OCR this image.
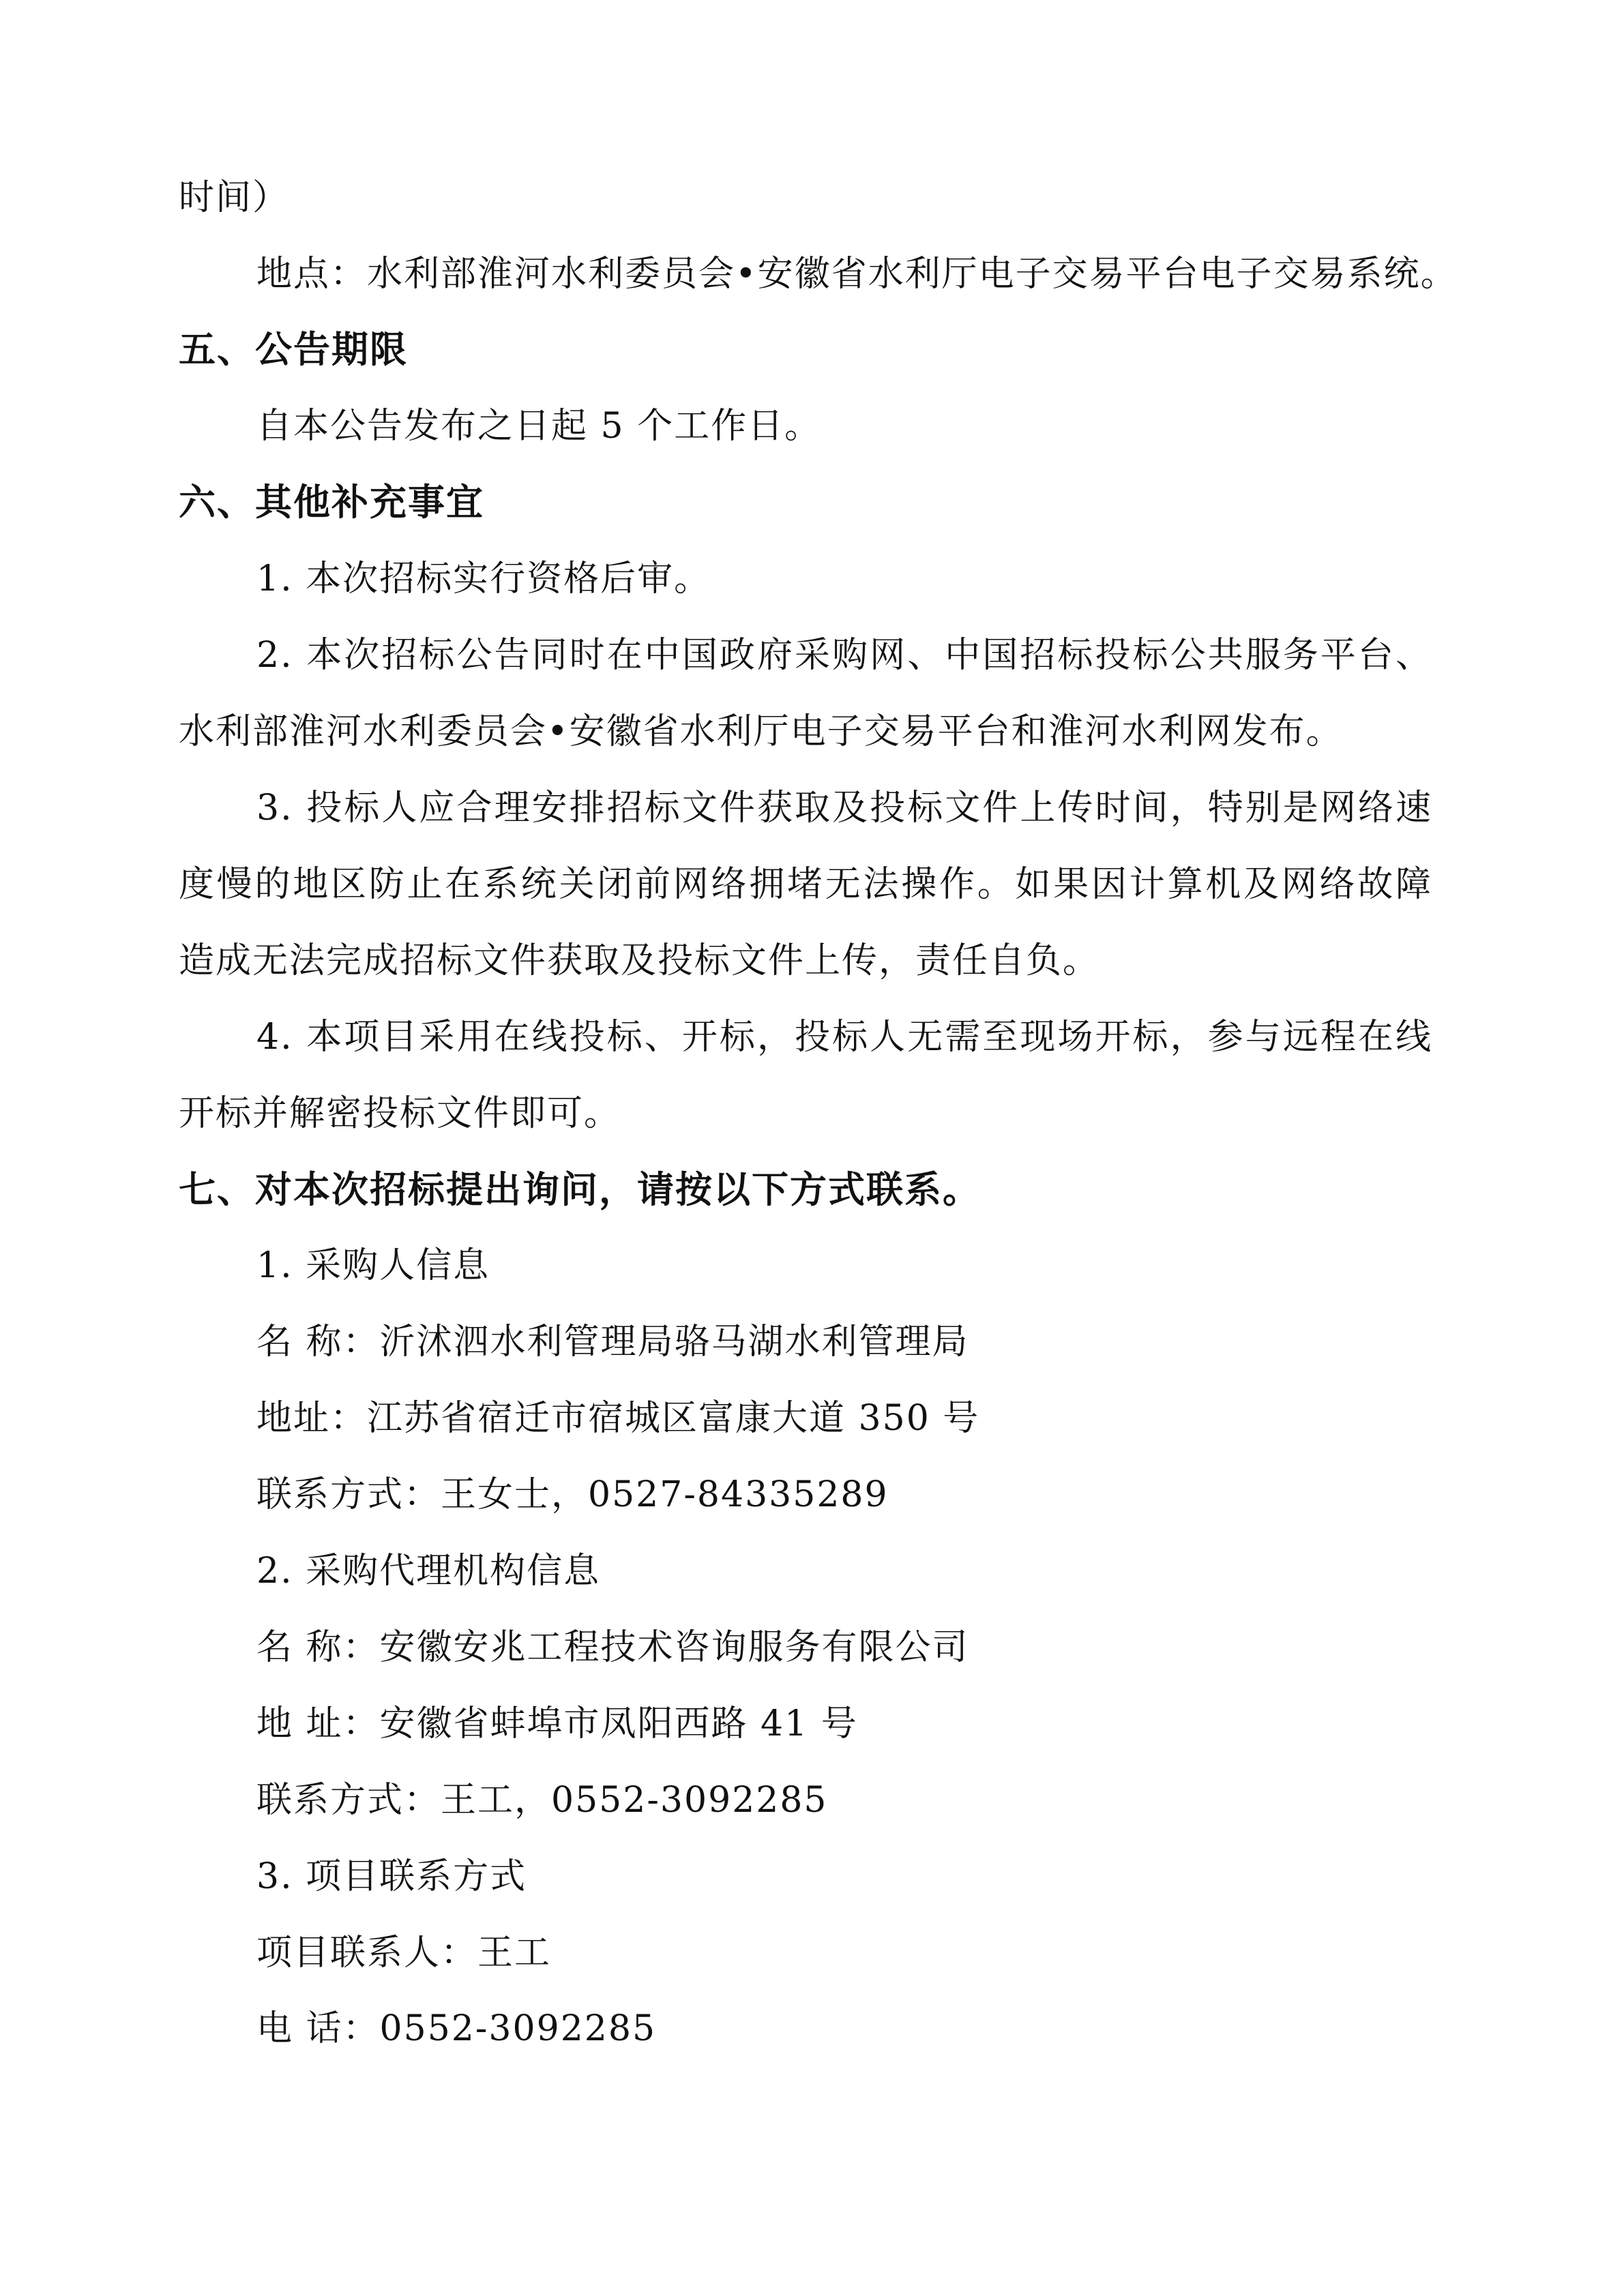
时间）
地点：水利部淮河水利委员会•安徽省水利厅电子交易平台电子交易系统。
五、公告期限
自本公告发布之日起 5 个工作日。
六、其他补充事宜
1. 本次招标实行资格后审。
2. 本次招标公告同时在中国政府采购网、中国招标投标公共服务平台、
水利部淮河水利委员会•安徽省水利厅电子交易平台和淮河水利网发布。
3. 投标人应合理安排招标文件获取及投标文件上传时间，特别是网络速
度慢的地区防止在系统关闭前网络拥堵无法操作。如果因计算机及网络故障
造成无法完成招标文件获取及投标文件上传，责任自负。
4. 本项目采用在线投标、开标，投标人无需至现场开标，参与远程在线
开标并解密投标文件即可。
七、对本次招标提出询问，请按以下方式联系。
1. 采购人信息
名 称：沂沭泗水利管理局骆马湖水利管理局
地址：江苏省宿迁市宿城区富康大道 350 号
联系方式：王女士，0527-84335289
2. 采购代理机构信息
名 称：安徽安兆工程技术咨询服务有限公司
地 址：安徽省蚌埠市凤阳西路 41 号
联系方式：王工，0552-3092285
3. 项目联系方式
项目联系人：王工
电 话：0552-3092285
